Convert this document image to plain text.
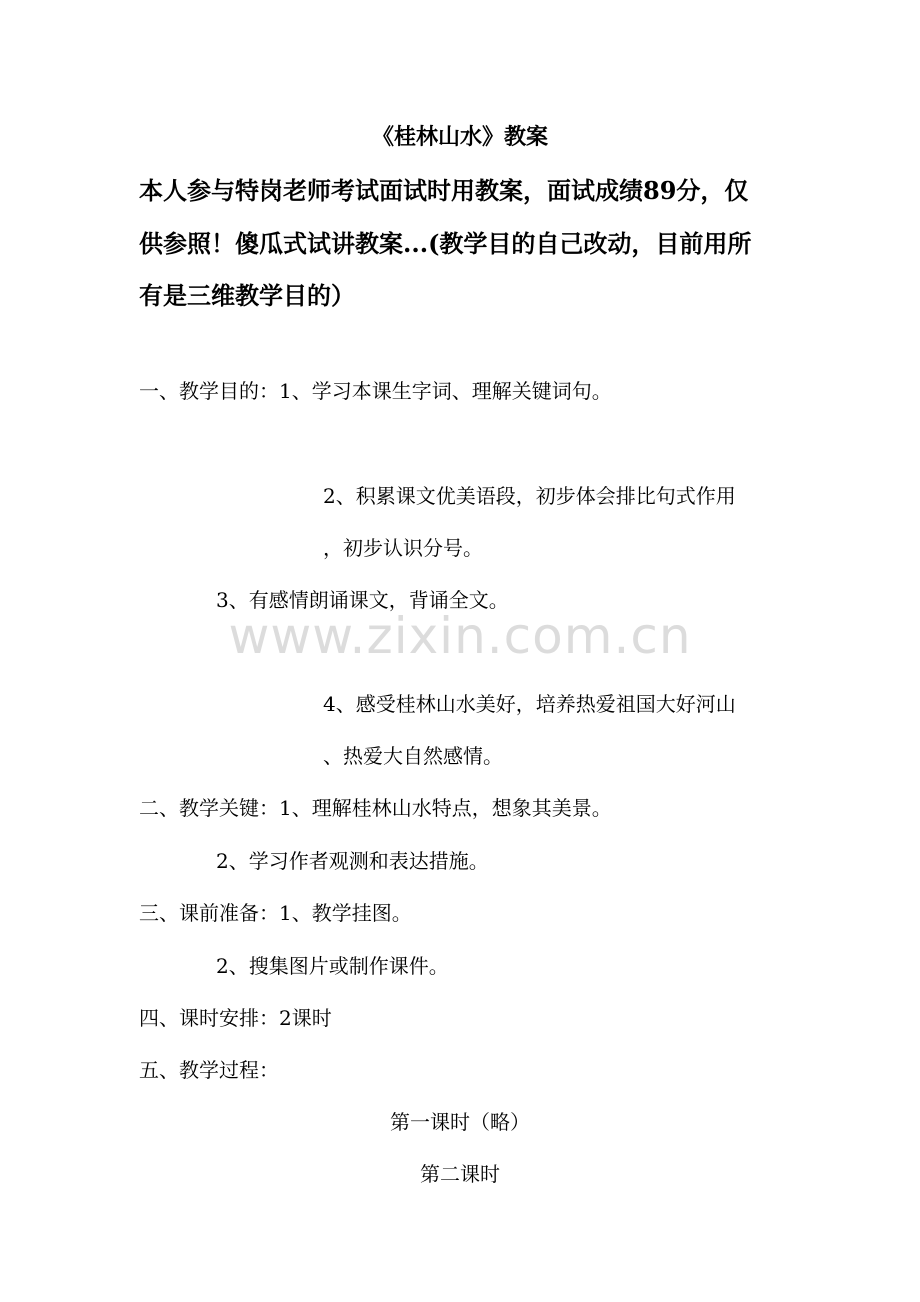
《桂林山水》教案
本人参与特岗老师考试面试时用教案，面试成绩89分，仅
供参照！傻瓜式试讲教案...(教学目的自己改动，目前用所
有是三维教学目的）
一、教学目的：1、学习本课生字词、理解关键词句。
2、积累课文优美语段，初步体会排比句式作用
，初步认识分号。
3、有感情朗诵课文，背诵全文。
www.zixin.com.cn
4、感受桂林山水美好，培养热爱祖国大好河山
、热爱大自然感情。
二、教学关键：1、理解桂林山水特点，想象其美景。
2、学习作者观测和表达措施。
三、课前准备：1、教学挂图。
2、搜集图片或制作课件。
四、课时安排：2课时
五、教学过程：
第一课时（略）
第二课时
